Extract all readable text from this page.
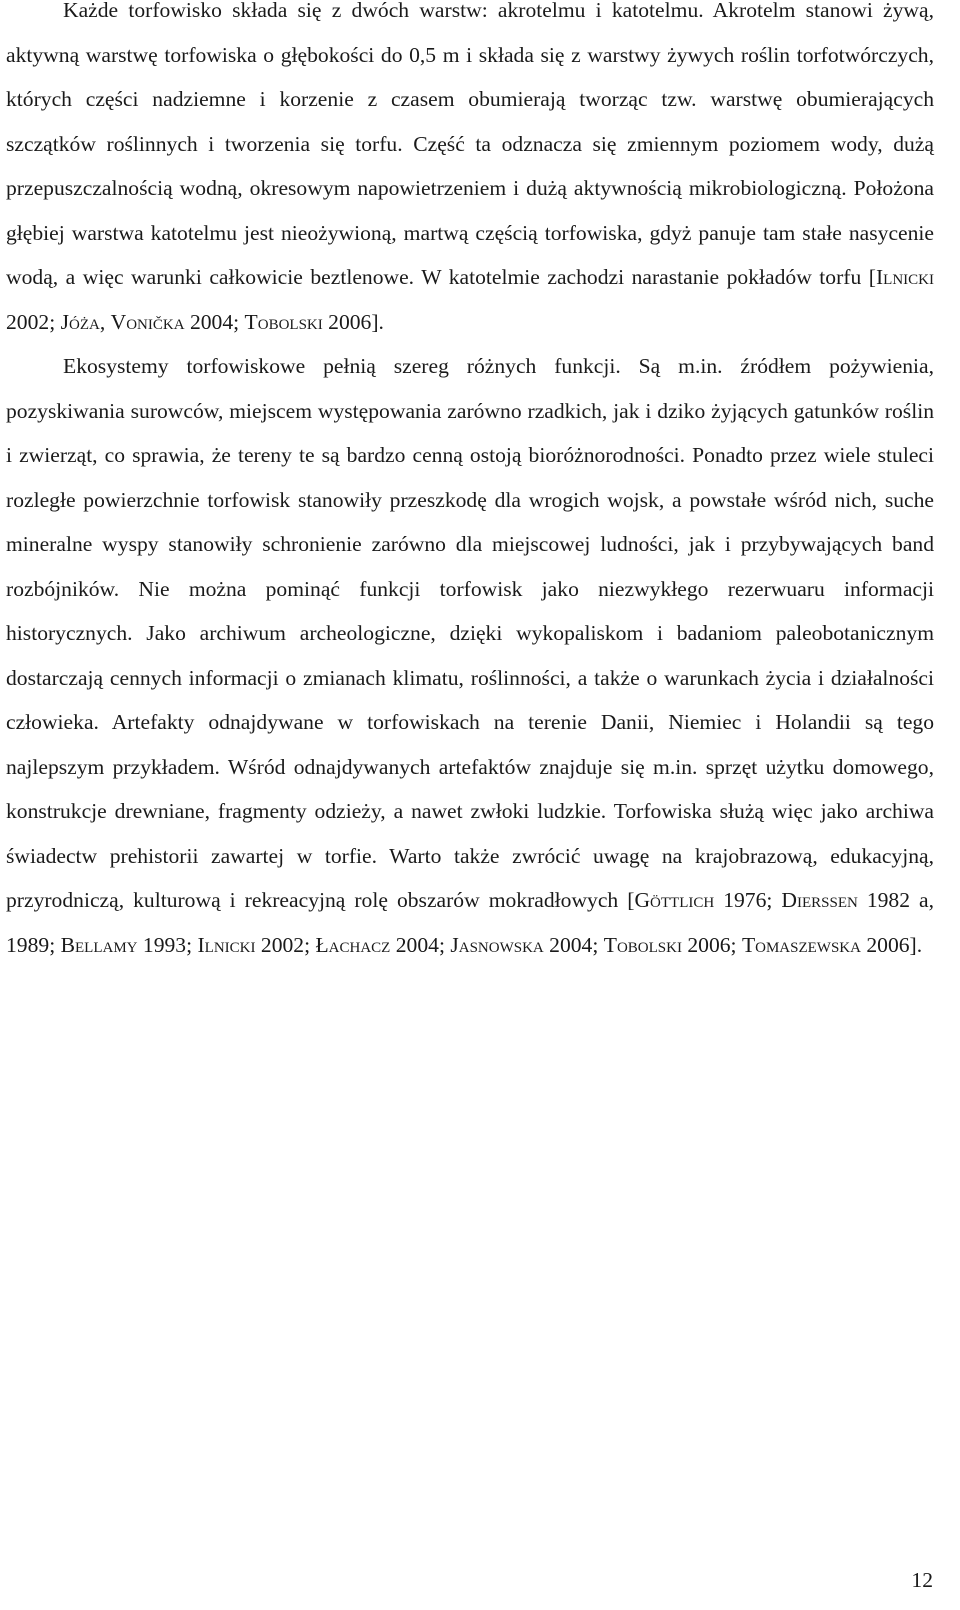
Każde torfowisko składa się z dwóch warstw: akrotelmu i katotelmu. Akrotelm stanowi żywą, aktywną warstwę torfowiska o głębokości do 0,5 m i składa się z warstwy żywych roślin torfotwórczych, których części nadziemne i korzenie z czasem obumierają tworząc tzw. warstwę obumierających szczątków roślinnych i tworzenia się torfu. Część ta odznacza się zmiennym poziomem wody, dużą przepuszczalnością wodną, okresowym napowietrzeniem i dużą aktywnością mikrobiologiczną. Położona głębiej warstwa katotelmu jest nieożywioną, martwą częścią torfowiska, gdyż panuje tam stałe nasycenie wodą, a więc warunki całkowicie beztlenowe. W katotelmie zachodzi narastanie pokładów torfu [Ilnicki 2002; Jóża, Vonička 2004; Tobolski 2006].

Ekosystemy torfowiskowe pełnią szereg różnych funkcji. Są m.in. źródłem pożywienia, pozyskiwania surowców, miejscem występowania zarówno rzadkich, jak i dziko żyjących gatunków roślin i zwierząt, co sprawia, że tereny te są bardzo cenną ostoją bioróżnorodności. Ponadto przez wiele stuleci rozległe powierzchnie torfowisk stanowiły przeszkodę dla wrogich wojsk, a powstałe wśród nich, suche mineralne wyspy stanowiły schronienie zarówno dla miejscowej ludności, jak i przybywających band rozbójników. Nie można pominąć funkcji torfowisk jako niezwykłego rezerwuaru informacji historycznych. Jako archiwum archeologiczne, dzięki wykopaliskom i badaniom paleobotanicznym dostarczają cennych informacji o zmianach klimatu, roślinności, a także o warunkach życia i działalności człowieka. Artefakty odnajdywane w torfowiskach na terenie Danii, Niemiec i Holandii są tego najlepszym przykładem. Wśród odnajdywanych artefaktów znajduje się m.in. sprzęt użytku domowego, konstrukcje drewniane, fragmenty odzieży, a nawet zwłoki ludzkie. Torfowiska służą więc jako archiwa świadectw prehistorii zawartej w torfie. Warto także zwrócić uwagę na krajobrazową, edukacyjną, przyrodniczą, kulturową i rekreacyjną rolę obszarów mokradłowych [Göttlich 1976; Dierssen 1982 a, 1989; Bellamy 1993; Ilnicki 2002; Łachacz 2004; Jasnowska 2004; Tobolski 2006; Tomaszewska 2006].

12
